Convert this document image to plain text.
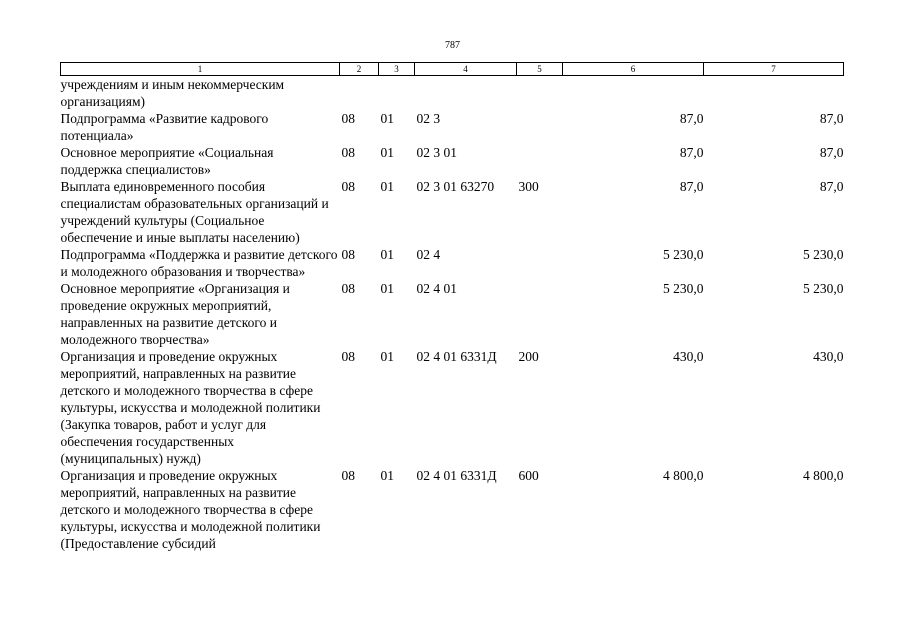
787
1	2	3	4	5	6	7
учреждениям и иным некоммерческим организациям)						
Подпрограмма «Развитие кадрового потенциала»	08	01	02 3		87,0	87,0
Основное мероприятие «Социальная поддержка специалистов»	08	01	02 3 01		87,0	87,0
Выплата единовременного пособия специалистам образовательных организаций и учреждений культуры (Социальное обеспечение и иные выплаты населению)	08	01	02 3 01 63270	300	87,0	87,0
Подпрограмма «Поддержка и развитие детского и молодежного образования и творчества»	08	01	02 4		5 230,0	5 230,0
Основное мероприятие «Организация и проведение окружных мероприятий, направленных на развитие детского и молодежного творчества»	08	01	02 4 01		5 230,0	5 230,0
Организация и проведение окружных мероприятий, направленных на развитие детского и молодежного творчества в сфере культуры, искусства и молодежной политики (Закупка товаров, работ и услуг для обеспечения государственных (муниципальных) нужд)	08	01	02 4 01 6331Д	200	430,0	430,0
Организация и проведение окружных мероприятий, направленных на развитие детского и молодежного творчества в сфере культуры, искусства и молодежной политики (Предоставление субсидий	08	01	02 4 01 6331Д	600	4 800,0	4 800,0
